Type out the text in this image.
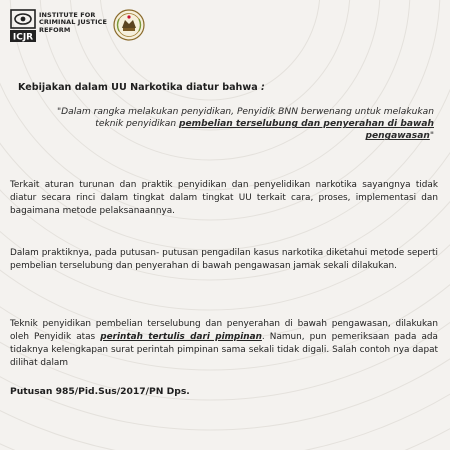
ICJR
INSTITUTE FOR
CRIMINAL JUSTICE
REFORM
Kebijakan dalam UU Narkotika diatur bahwa :
"Dalam rangka melakukan penyidikan, Penyidik BNN berwenang untuk melakukan teknik penyidikan pembelian terselubung dan penyerahan di bawah pengawasan"
Terkait aturan turunan dan praktik penyidikan dan penyelidikan narkotika sayangnya tidak diatur secara rinci dalam tingkat dalam tingkat UU terkait cara, proses, implementasi dan bagaimana metode pelaksanaannya.
Dalam praktiknya, pada putusan- putusan pengadilan kasus narkotika diketahui metode seperti pembelian terselubung dan penyerahan di bawah pengawasan jamak sekali dilakukan.
Teknik penyidikan pembelian terselubung dan penyerahan di bawah pengawasan, dilakukan oleh Penyidik atas perintah tertulis dari pimpinan. Namun, pun pemeriksaan pada ada tidaknya kelengkapan surat perintah pimpinan sama sekali tidak digali. Salah contoh nya dapat dilihat dalam
Putusan 985/Pid.Sus/2017/PN Dps.
